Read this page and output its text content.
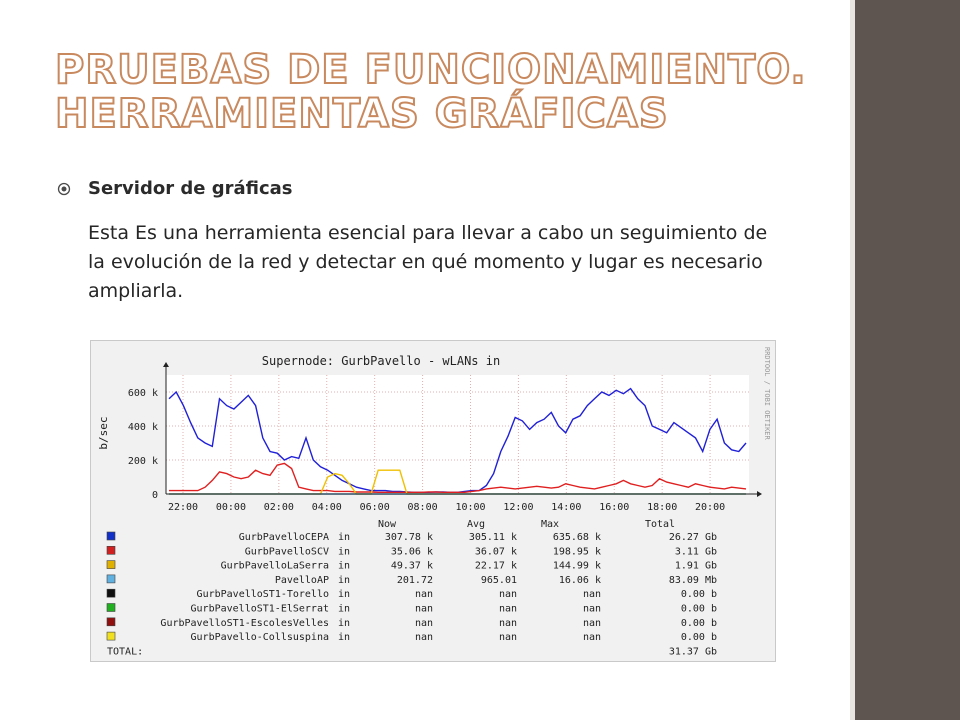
PRUEBAS DE FUNCIONAMIENTO.
HERRAMIENTAS GRÁFICAS
Servidor de gráficas

Esta Es una herramienta esencial para llevar a cabo un seguimiento de la evolución de la red y detectar en qué momento y lugar es necesario ampliarla.

Supernode: GurbPavello - wLANs in
b/sec	RRDTOOL / TOBI OETIKER
22:00 00:00 02:00 04:00 06:00 08:00 10:00 12:00 14:00 16:00 18:00 20:00
0
200 k
400 k
600 k
Now	Avg	Max	Total
GurbPavelloCEPA in	307.78 k	305.11 k	635.68 k	26.27 Gb
GurbPavelloSCV in	35.06 k	36.07 k	198.95 k	3.11 Gb
GurbPavelloLaSerra in	49.37 k	22.17 k	144.99 k	1.91 Gb
PavelloAP in	201.72	965.01	16.06 k	83.09 Mb
GurbPavelloST1-Torello in	nan	nan	nan	0.00 b
GurbPavelloST1-ElSerrat in	nan	nan	nan	0.00 b
GurbPavelloST1-EscolesVelles in	nan	nan	nan	0.00 b
GurbPavello-Collsuspina in	nan	nan	nan	0.00 b
TOTAL:	31.37 Gb
